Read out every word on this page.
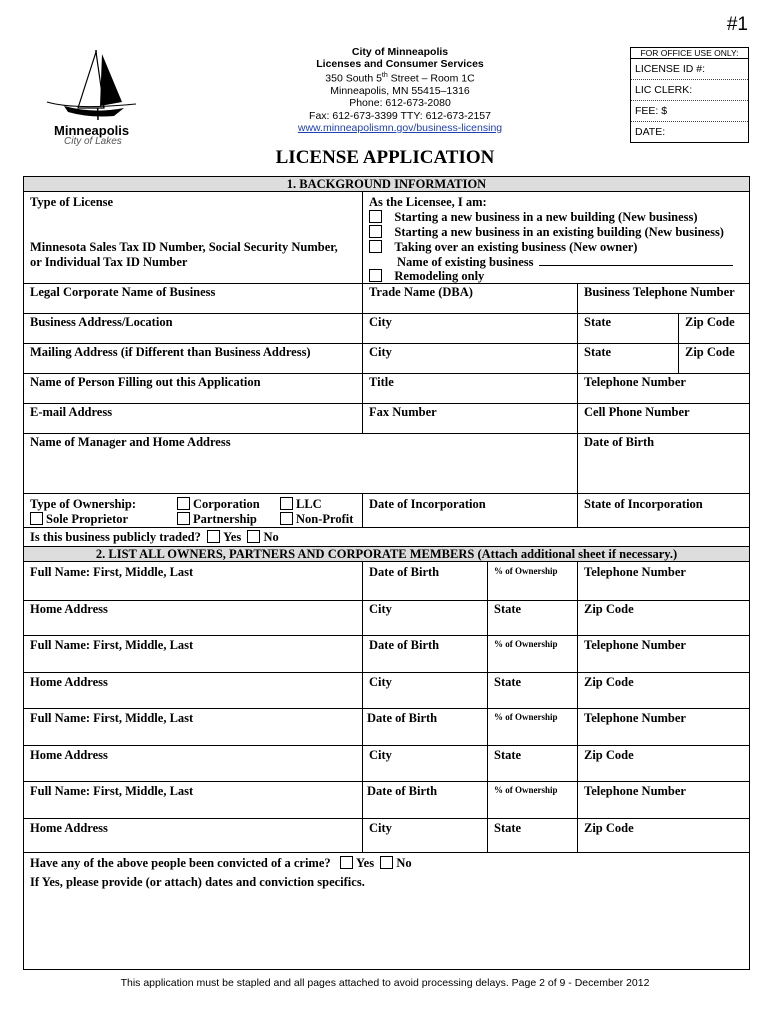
#1
Minneapolis
City of Lakes
City of Minneapolis
Licenses and Consumer Services
350 South 5th Street – Room 1C
Minneapolis, MN 55415–1316
Phone: 612-673-2080
Fax: 612-673-3399 TTY: 612-673-2157
www.minneapolismn.gov/business-licensing
FOR OFFICE USE ONLY:
LICENSE ID #:
LIC CLERK:
FEE: $
DATE:
LICENSE APPLICATION
1. BACKGROUND INFORMATION
Type of License
Minnesota Sales Tax ID Number, Social Security Number,
or Individual Tax ID Number
As the Licensee, I am:
Starting a new business in a new building (New business)
Starting a new business in an existing building (New business)
Taking over an existing business (New owner)
Name of existing business
Remodeling only
Legal Corporate Name of Business	Trade Name (DBA)	Business Telephone Number
Business Address/Location	City	State	Zip Code
Mailing Address (if Different than Business Address)	City	State	Zip Code
Name of Person Filling out this Application	Title	Telephone Number
E-mail Address	Fax Number	Cell Phone Number
Name of Manager and Home Address	Date of Birth
Type of Ownership:
Sole Proprietor
Corporation
Partnership
LLC
Non-Profit
Date of Incorporation	State of Incorporation
Is this business publicly traded? Yes No
2. LIST ALL OWNERS, PARTNERS AND CORPORATE MEMBERS (Attach additional sheet if necessary.)
Full Name: First, Middle, Last	Date of Birth	% of Ownership Telephone Number
Home Address	City	State	Zip Code
Full Name: First, Middle, Last	Date of Birth	% of Ownership Telephone Number
Home Address	City	State	Zip Code
Full Name: First, Middle, Last	Date of Birth	% of Ownership Telephone Number
Home Address	City	State	Zip Code
Full Name: First, Middle, Last	Date of Birth	% of Ownership Telephone Number
Home Address	City	State	Zip Code
Have any of the above people been convicted of a crime? Yes No
If Yes, please provide (or attach) dates and conviction specifics.
This application must be stapled and all pages attached to avoid processing delays. Page 2 of 9 - December 2012
